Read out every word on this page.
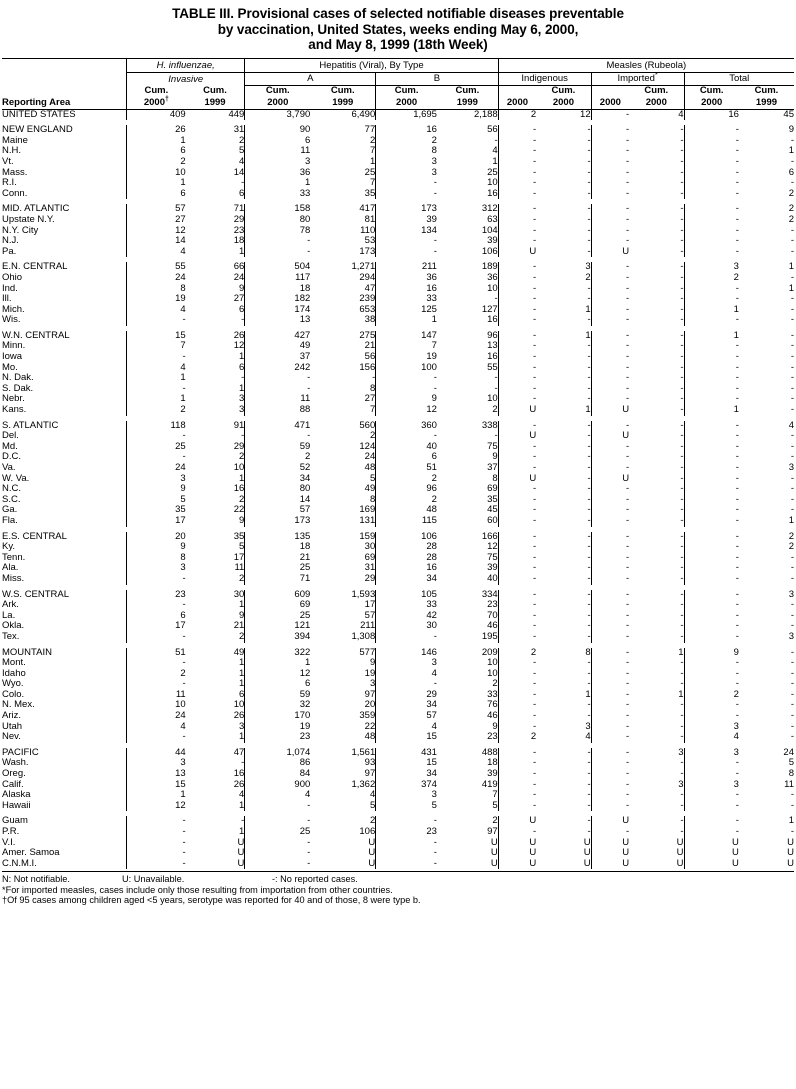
TABLE III. Provisional cases of selected notifiable diseases preventable
by vaccination, United States, weeks ending May 6, 2000,
and May 8, 1999 (18th Week)
	H. influenzae,		Hepatitis (Viral), By Type				Measles (Rubeola)					
	Invasive		A		B		Indigenous		Imported*		Total	
	Cum.	Cum.	Cum.	Cum.	Cum.	Cum.		Cum.		Cum.	Cum.	Cum.
Reporting Area	2000†	1999	2000	1999	2000	1999	2000	2000	2000	2000	2000	1999
UNITED STATES	409	449	3,790	6,490	1,695	2,188	2	12	-	4	16	45

NEW ENGLAND	26	31	90	77	16	56	-	-	-	-	-	9
Maine	1	2	6	2	2	-	-	-	-	-	-	-
N.H.	6	5	11	7	8	4	-	-	-	-	-	1
Vt.	2	4	3	1	3	1	-	-	-	-	-	-
Mass.	10	14	36	25	3	25	-	-	-	-	-	6
R.I.	1	-	1	7	-	10	-	-	-	-	-	-
Conn.	6	6	33	35	-	16	-	-	-	-	-	2

MID. ATLANTIC	57	71	158	417	173	312	-	-	-	-	-	2
Upstate N.Y.	27	29	80	81	39	63	-	-	-	-	-	2
N.Y. City	12	23	78	110	134	104	-	-	-	-	-	-
N.J.	14	18	-	53	-	39	-	-	-	-	-	-
Pa.	4	1	-	173	-	106	U	-	U	-	-	-

E.N. CENTRAL	55	66	504	1,271	211	189	-	3	-	-	3	1
Ohio	24	24	117	294	36	36	-	2	-	-	2	-
Ind.	8	9	18	47	16	10	-	-	-	-	-	1
Ill.	19	27	182	239	33	-	-	-	-	-	-	-
Mich.	4	6	174	653	125	127	-	1	-	-	1	-
Wis.	-	-	13	38	1	16	-	-	-	-	-	-

W.N. CENTRAL	15	26	427	275	147	96	-	1	-	-	1	-
Minn.	7	12	49	21	7	13	-	-	-	-	-	-
Iowa	-	1	37	56	19	16	-	-	-	-	-	-
Mo.	4	6	242	156	100	55	-	-	-	-	-	-
N. Dak.	1	-	-	-	-	-	-	-	-	-	-	-
S. Dak.	-	1	-	8	-	-	-	-	-	-	-	-
Nebr.	1	3	11	27	9	10	-	-	-	-	-	-
Kans.	2	3	88	7	12	2	U	1	U	-	1	-

S. ATLANTIC	118	91	471	560	360	338	-	-	-	-	-	4
Del.	-	-	-	2	-	-	U	-	U	-	-	-
Md.	25	29	59	124	40	75	-	-	-	-	-	-
D.C.	-	2	2	24	6	9	-	-	-	-	-	-
Va.	24	10	52	48	51	37	-	-	-	-	-	3
W. Va.	3	1	34	5	2	8	U	-	U	-	-	-
N.C.	9	16	80	49	96	69	-	-	-	-	-	-
S.C.	5	2	14	8	2	35	-	-	-	-	-	-
Ga.	35	22	57	169	48	45	-	-	-	-	-	-
Fla.	17	9	173	131	115	60	-	-	-	-	-	1

E.S. CENTRAL	20	35	135	159	106	166	-	-	-	-	-	2
Ky.	9	5	18	30	28	12	-	-	-	-	-	2
Tenn.	8	17	21	69	28	75	-	-	-	-	-	-
Ala.	3	11	25	31	16	39	-	-	-	-	-	-
Miss.	-	2	71	29	34	40	-	-	-	-	-	-

W.S. CENTRAL	23	30	609	1,593	105	334	-	-	-	-	-	3
Ark.	-	1	69	17	33	23	-	-	-	-	-	-
La.	6	9	25	57	42	70	-	-	-	-	-	-
Okla.	17	21	121	211	30	46	-	-	-	-	-	-
Tex.	-	2	394	1,308	-	195	-	-	-	-	-	3

MOUNTAIN	51	49	322	577	146	209	2	8	-	1	9	-
Mont.	-	1	1	9	3	10	-	-	-	-	-	-
Idaho	2	1	12	19	4	10	-	-	-	-	-	-
Wyo.	-	1	6	3	-	2	-	-	-	-	-	-
Colo.	11	6	59	97	29	33	-	1	-	1	2	-
N. Mex.	10	10	32	20	34	76	-	-	-	-	-	-
Ariz.	24	26	170	359	57	46	-	-	-	-	-	-
Utah	4	3	19	22	4	9	-	3	-	-	3	-
Nev.	-	1	23	48	15	23	2	4	-	-	4	-

PACIFIC	44	47	1,074	1,561	431	488	-	-	-	3	3	24
Wash.	3	-	86	93	15	18	-	-	-	-	-	5
Oreg.	13	16	84	97	34	39	-	-	-	-	-	8
Calif.	15	26	900	1,362	374	419	-	-	-	3	3	11
Alaska	1	4	4	4	3	7	-	-	-	-	-	-
Hawaii	12	1	-	5	5	5	-	-	-	-	-	-

Guam	-	-	-	2	-	2	U	-	U	-	-	1
P.R.	-	1	25	106	23	97	-	-	-	-	-	-
V.I.	-	U	-	U	-	U	U	U	U	U	U	U
Amer. Samoa	-	U	-	U	-	U	U	U	U	U	U	U
C.N.M.I.	-	U	-	U	-	U	U	U	U	U	U	U
N: Not notifiable.	U: Unavailable.	-: No reported cases.
*For imported measles, cases include only those resulting from importation from other countries.
†Of 95 cases among children aged <5 years, serotype was reported for 40 and of those, 8 were type b.
